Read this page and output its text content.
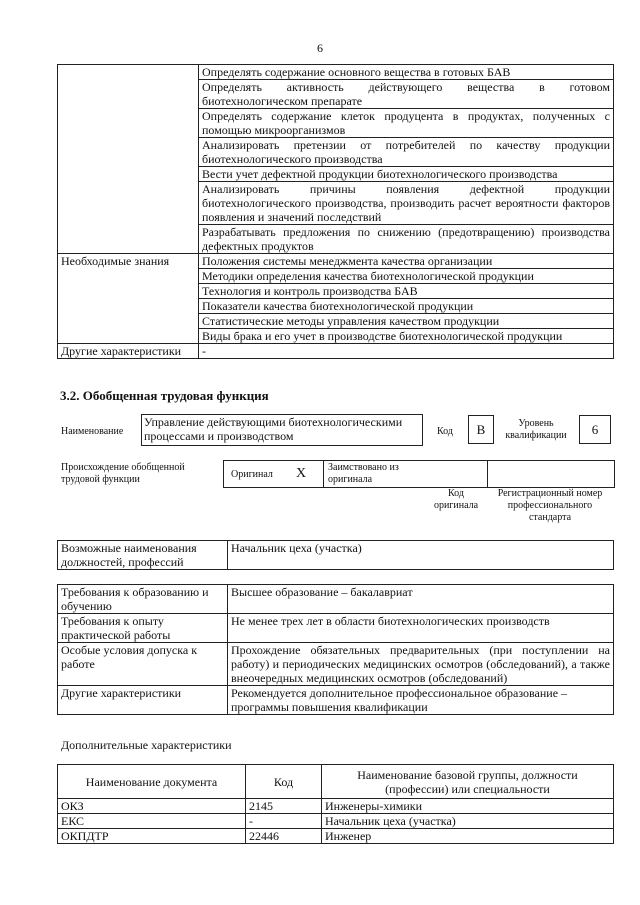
6
	Определять содержание основного вещества в готовых БАВ
	Определять активность действующего вещества в готовом биотехнологическом препарате
	Определять содержание клеток продуцента в продуктах, полученных с помощью микроорганизмов
	Анализировать претензии от потребителей по качеству продукции биотехнологического производства
	Вести учет дефектной продукции биотехнологического производства
	Анализировать причины появления дефектной продукции биотехнологического производства, производить расчет вероятности факторов появления и значений последствий
	Разрабатывать предложения по снижению (предотвращению) производства дефектных продуктов
Необходимые знания	Положения системы менеджмента качества организации
	Методики определения качества биотехнологической продукции
	Технология и контроль производства БАВ
	Показатели качества биотехнологической продукции
	Статистические методы управления качеством продукции
	Виды брака и его учет в производстве биотехнологической продукции
Другие характеристики	-
3.2. Обобщенная трудовая функция
Наименование
Управление действующими биотехнологическими процессами и производством	Код	B	Уровень квалификации	6
Происхождение обобщенной трудовой функции	Оригинал X Заимствовано из оригинала
Код оригинала
Регистрационный номер профессионального стандарта
Возможные наименования должностей, профессий	Начальник цеха (участка)
Требования к образованию и обучению	Высшее образование – бакалавриат
Требования к опыту практической работы	Не менее трех лет в области биотехнологических производств
Особые условия допуска к работе	Прохождение обязательных предварительных (при поступлении на работу) и периодических медицинских осмотров (обследований), а также внеочередных медицинских осмотров (обследований)
Другие характеристики	Рекомендуется дополнительное профессиональное образование – программы повышения квалификации
Дополнительные характеристики
Наименование документа	Код	Наименование базовой группы, должности (профессии) или специальности
ОКЗ	2145	Инженеры-химики
ЕКС	-	Начальник цеха (участка)
ОКПДТР	22446	Инженер
